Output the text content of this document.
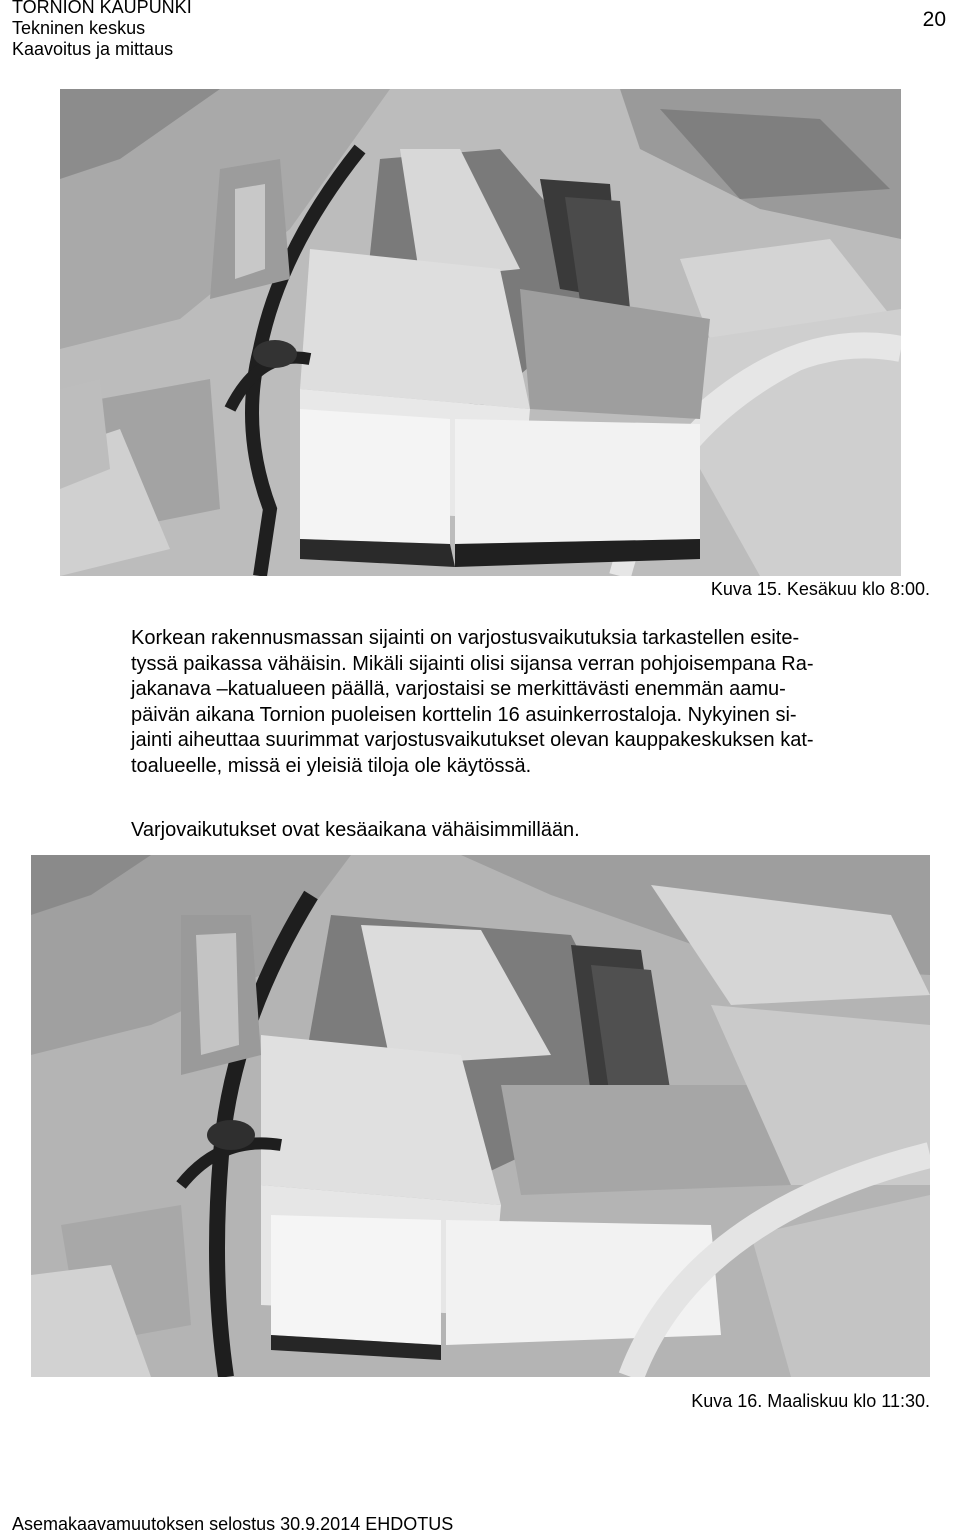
TORNION KAUPUNKI
Tekninen keskus
Kaavoitus ja mittaus
20
Kuva 15. Kesäkuu klo 8:00.
Korkean rakennusmassan sijainti on varjostusvaikutuksia tarkastellen esite-
tyssä paikassa vähäisin. Mikäli sijainti olisi sijansa verran pohjoisempana Ra-
jakanava –katualueen päällä, varjostaisi se merkittävästi enemmän aamu-
päivän aikana Tornion puoleisen korttelin 16 asuinkerrostaloja. Nykyinen si-
jainti aiheuttaa suurimmat varjostusvaikutukset olevan kauppakeskuksen kat-
toalueelle, missä ei yleisiä tiloja ole käytössä.
Varjovaikutukset ovat kesäaikana vähäisimmillään.
Kuva 16. Maaliskuu klo 11:30.
Asemakaavamuutoksen selostus 30.9.2014 EHDOTUS
